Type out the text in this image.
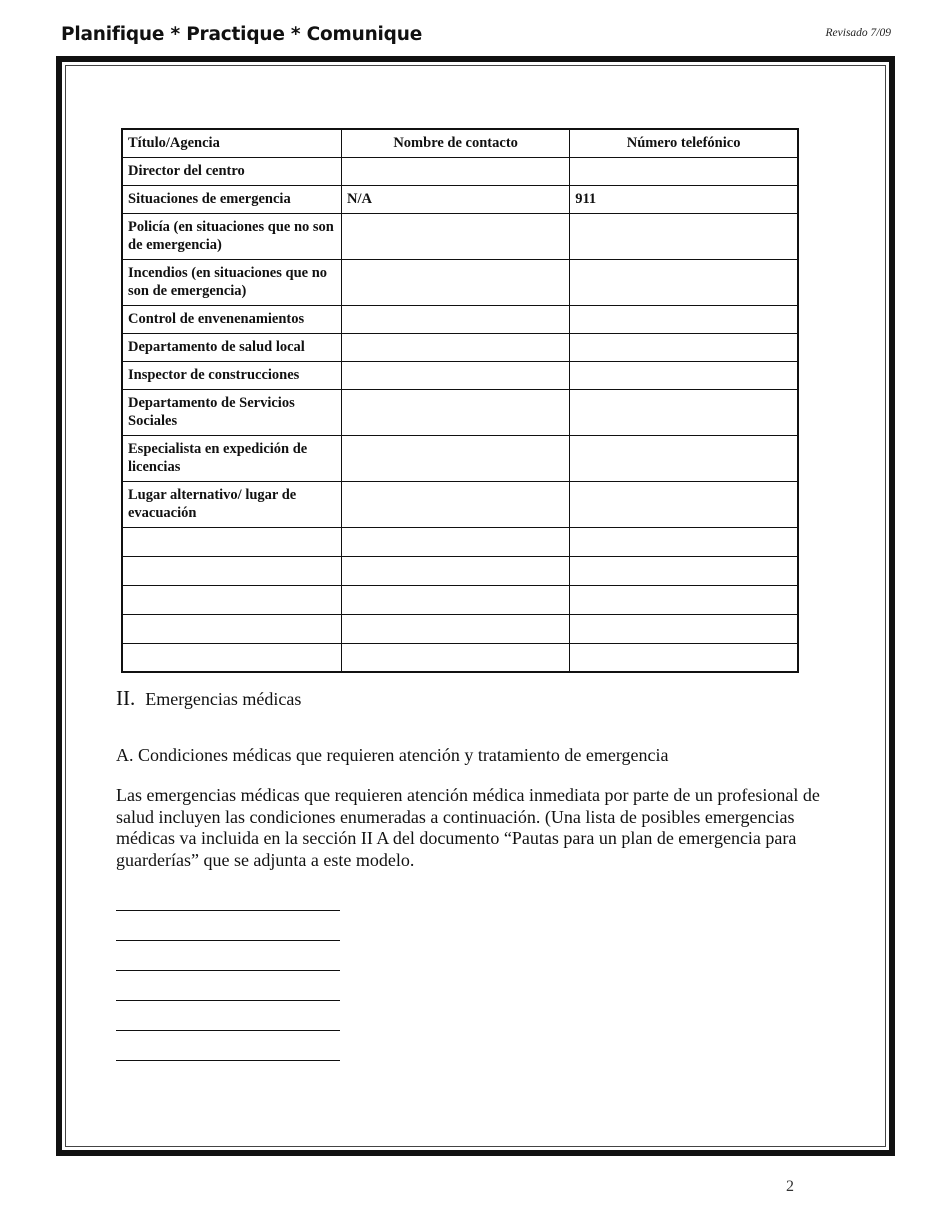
Planifique * Practique * Comunique	Revisado 7/09
Título/Agencia	Nombre de contacto	Número telefónico
Director del centro		
Situaciones de emergencia	N/A	911
Policía (en situaciones que no son de emergencia)		
Incendios (en situaciones que no son de emergencia)		
Control de envenenamientos		
Departamento de salud local		
Inspector de construcciones		
Departamento de Servicios Sociales		
Especialista en expedición de licencias		
Lugar alternativo/ lugar de evacuación		

II. Emergencias médicas
A. Condiciones médicas que requieren atención y tratamiento de emergencia
Las emergencias médicas que requieren atención médica inmediata por parte de un profesional de salud incluyen las condiciones enumeradas a continuación. (Una lista de posibles emergencias médicas va incluida en la sección II A del documento “Pautas para un plan de emergencia para guarderías” que se adjunta a este modelo.
2
